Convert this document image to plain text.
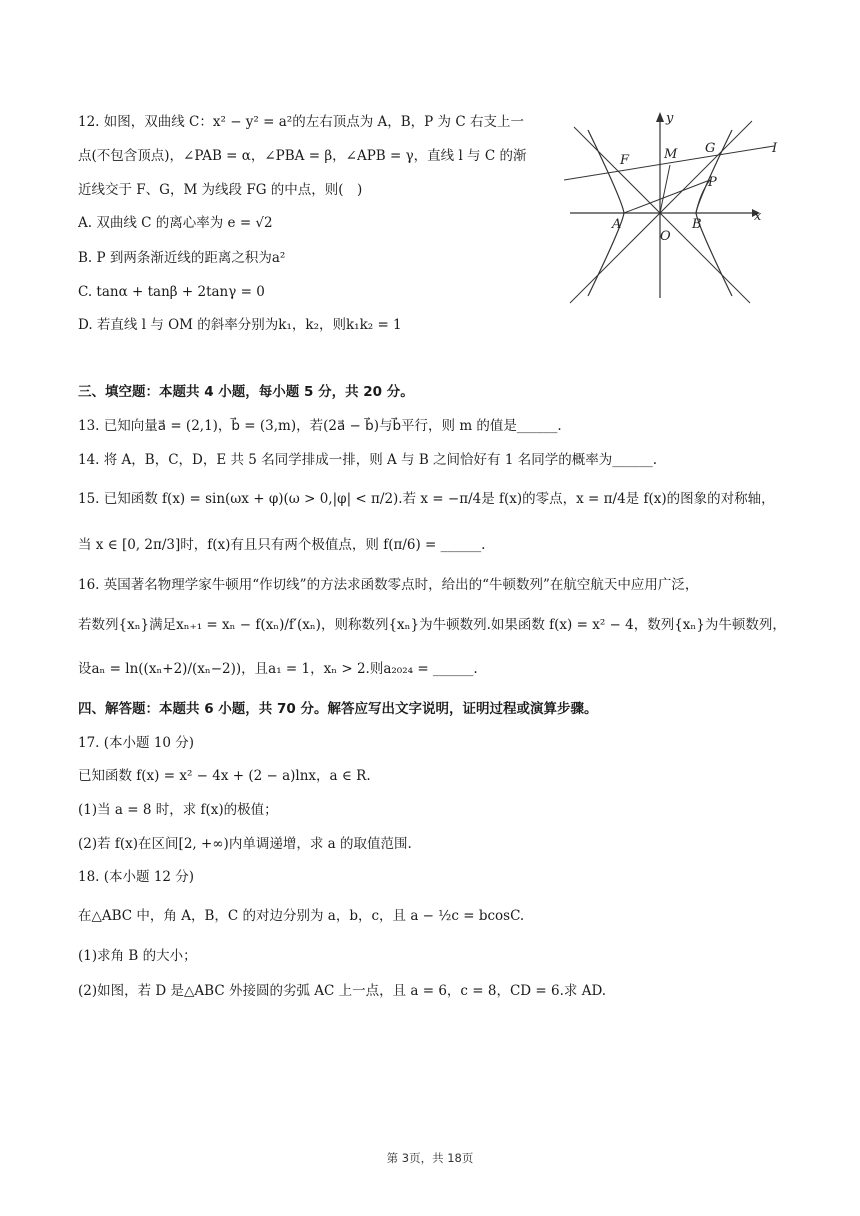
12. 如图，双曲线 C：x² − y² = a²的左右顶点为 A，B，P 为 C 右支上一
点(不包含顶点)，∠PAB = α，∠PBA = β，∠APB = γ，直线 l 与 C 的渐
近线交于 F、G，M 为线段 FG 的中点，则(　)
A. 双曲线 C 的离心率为 e = √2
B. P 到两条渐近线的距离之积为a²
C. tanα + tanβ + 2tanγ = 0
D. 若直线 l 与 OM 的斜率分别为k₁，k₂，则k₁k₂ = 1
y
x
F	M G	I
P
A	B
O
三、填空题：本题共 4 小题，每小题 5 分，共 20 分。
13. 已知向量a⃗ = (2,1)，b⃗ = (3,m)，若(2a⃗ − b⃗)与b⃗平行，则 m 的值是______.
14. 将 A，B，C，D，E 共 5 名同学排成一排，则 A 与 B 之间恰好有 1 名同学的概率为______.
15. 已知函数 f(x) = sin(ωx + φ)(ω > 0,|φ| < π/2).若 x = −π/4是 f(x)的零点，x = π/4是 f(x)的图象的对称轴，
当 x ∈ [0, 2π/3]时，f(x)有且只有两个极值点，则 f(π/6) = ______.
16. 英国著名物理学家牛顿用“作切线”的方法求函数零点时，给出的“牛顿数列”在航空航天中应用广泛，
若数列{xₙ}满足xₙ₊₁ = xₙ − f(xₙ)/f′(xₙ)，则称数列{xₙ}为牛顿数列.如果函数 f(x) = x² − 4，数列{xₙ}为牛顿数列，
设aₙ = ln((xₙ+2)/(xₙ−2))，且a₁ = 1，xₙ > 2.则a₂₀₂₄ = ______.
四、解答题：本题共 6 小题，共 70 分。解答应写出文字说明，证明过程或演算步骤。
17. (本小题 10 分)
已知函数 f(x) = x² − 4x + (2 − a)lnx，a ∈ R.
(1)当 a = 8 时，求 f(x)的极值；
(2)若 f(x)在区间[2, +∞)内单调递增，求 a 的取值范围.
18. (本小题 12 分)
在△ABC 中，角 A，B，C 的对边分别为 a，b，c，且 a − ½c = bcosC.
(1)求角 B 的大小；
(2)如图，若 D 是△ABC 外接圆的劣弧 AC 上一点，且 a = 6，c = 8，CD = 6.求 AD.
第 3页，共 18页
